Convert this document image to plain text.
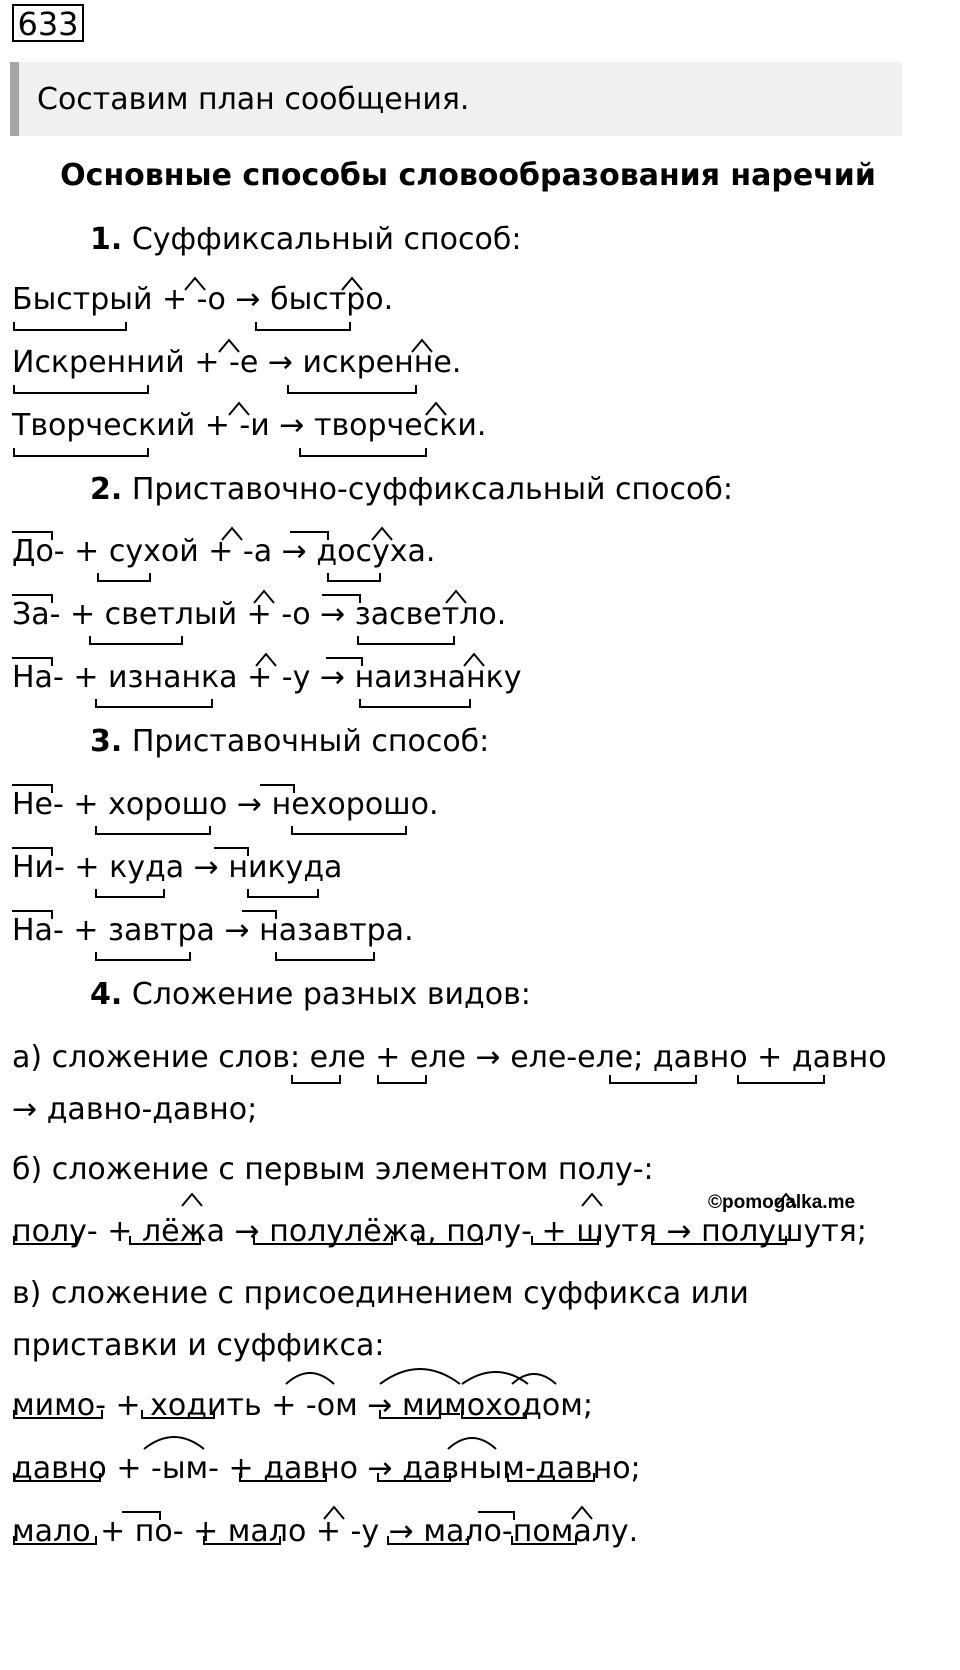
633
Составим план сообщения.
Основные способы словообразования наречий
1. Суффиксальный способ:
Быстрый + -о → быстро.
Искренний + -е → искренне.
Творческий + -и → творчески.
2. Приставочно-суффиксальный способ:
До- + сухой + -а → досуха.
За- + светлый + -о → засветло.
На- + изнанка + -у → наизнанку
3. Приставочный способ:
Не- + хорошо → нехорошо.
Ни- + куда → никуда
На- + завтра → назавтра.
4. Сложение разных видов:
а) сложение слов: еле + еле → еле-еле; давно + давно → давно-давно;
б) сложение с первым элементом полу-:
©pomogalka.me
полу- + лёжа → полулёжа, полу- + шутя → полушутя;
в) сложение с присоединением суффикса или приставки и суффикса:
мимо- + ходить + -ом → мимоходом;
давно + -ым- + давно → давным-давно;
мало + по- + мало + -у → мало-помалу.
